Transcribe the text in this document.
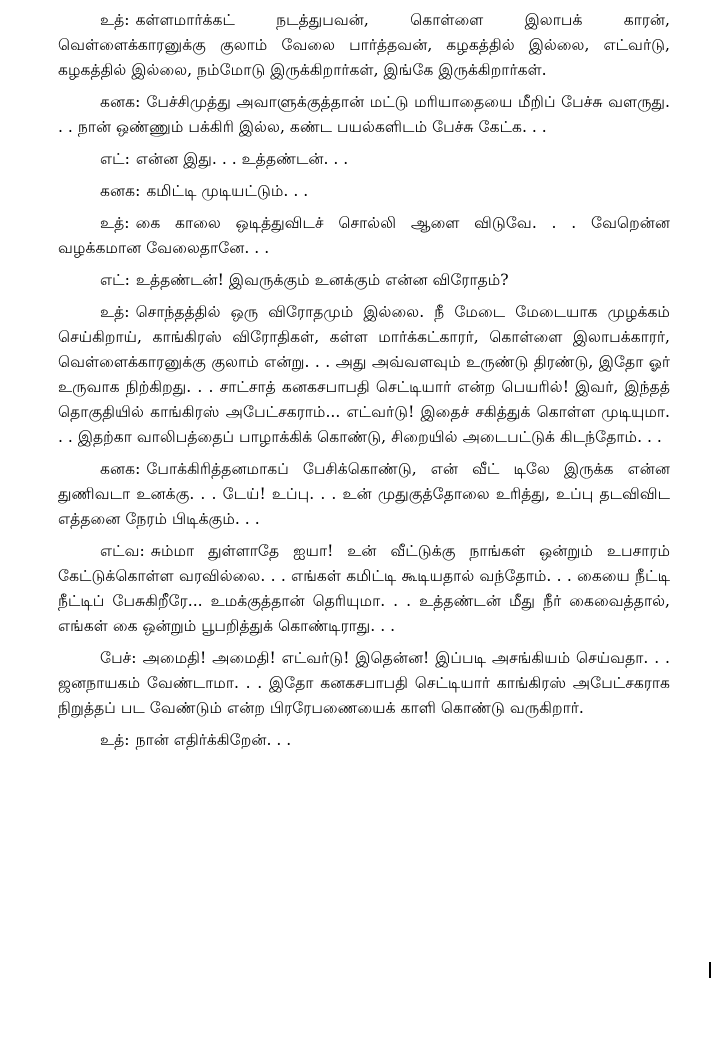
உத்: கள்ளமார்க்கட் நடத்துபவன், கொள்ளை இலாபக் காரன், வெள்ளைக்காரனுக்கு குலாம் வேலை பார்த்தவன், கழகத்தில் இல்லை, எட்வர்டு, கழகத்தில் இல்லை, நம்மோடு இருக்கிறார்கள், இங்கே இருக்கிறார்கள்.

கனக: பேச்சிமுத்து அவாளுக்குத்தான் மட்டு மரியாதையை மீறிப் பேச்சு வளருது. . . நான் ஒண்ணும் பக்கிரி இல்ல, கண்ட பயல்களிடம் பேச்சு கேட்க. . .

எட்: என்ன இது. . . உத்தண்டன். . .

கனக: கமிட்டி முடியட்டும். . .

உத்: கை காலை ஒடித்துவிடச் சொல்லி ஆளை விடுவே. . . வேறென்ன வழக்கமான வேலைதானே. . .

எட்: உத்தண்டன்! இவருக்கும் உனக்கும் என்ன விரோதம்?

உத்: சொந்தத்தில் ஒரு விரோதமும் இல்லை. நீ மேடை மேடையாக முழக்கம் செய்கிறாய், காங்கிரஸ் விரோதிகள், கள்ள மார்க்கட்காரர், கொள்ளை இலாபக்காரர், வெள்ளைக்காரனுக்கு குலாம் என்று. . . அது அவ்வளவும் உருண்டு திரண்டு, இதோ ஓர் உருவாக நிற்கிறது. . . சாட்சாத் கனகசபாபதி செட்டியார் என்ற பெயரில்! இவர், இந்தத் தொகுதியில் காங்கிரஸ் அபேட்சகராம்... எட்வர்டு! இதைச் சகித்துக் கொள்ள முடியுமா. . . இதற்கா வாலிபத்தைப் பாழாக்கிக் கொண்டு, சிறையில் அடைபட்டுக் கிடந்தோம். . .

கனக: போக்கிரித்தனமாகப் பேசிக்கொண்டு, என் வீட் டிலே இருக்க என்ன துணிவடா உனக்கு. . . டேய்! உப்பு. . . உன் முதுகுத்தோலை உரித்து, உப்பு தடவிவிட எத்தனை நேரம் பிடிக்கும். . .

எட்வ: சும்மா துள்ளாதே ஐயா! உன் வீட்டுக்கு நாங்கள் ஒன்றும் உபசாரம் கேட்டுக்கொள்ள வரவில்லை. . . எங்கள் கமிட்டி கூடியதால் வந்தோம். . . கையை நீட்டி நீட்டிப் பேசுகிறீரே... உமக்குத்தான் தெரியுமா. . . உத்தண்டன் மீது நீர் கைவைத்தால், எங்கள் கை ஒன்றும் பூபறித்துக் கொண்டிராது. . .

பேச்: அமைதி! அமைதி! எட்வர்டு! இதென்ன! இப்படி அசங்கியம் செய்வதா. . . ஜனநாயகம் வேண்டாமா. . . இதோ கனகசபாபதி செட்டியார் காங்கிரஸ் அபேட்சகராக நிறுத்தப் பட வேண்டும் என்ற பிரரேபணையைக் காளி கொண்டு வருகிறார்.

உத்: நான் எதிர்க்கிறேன். . .
